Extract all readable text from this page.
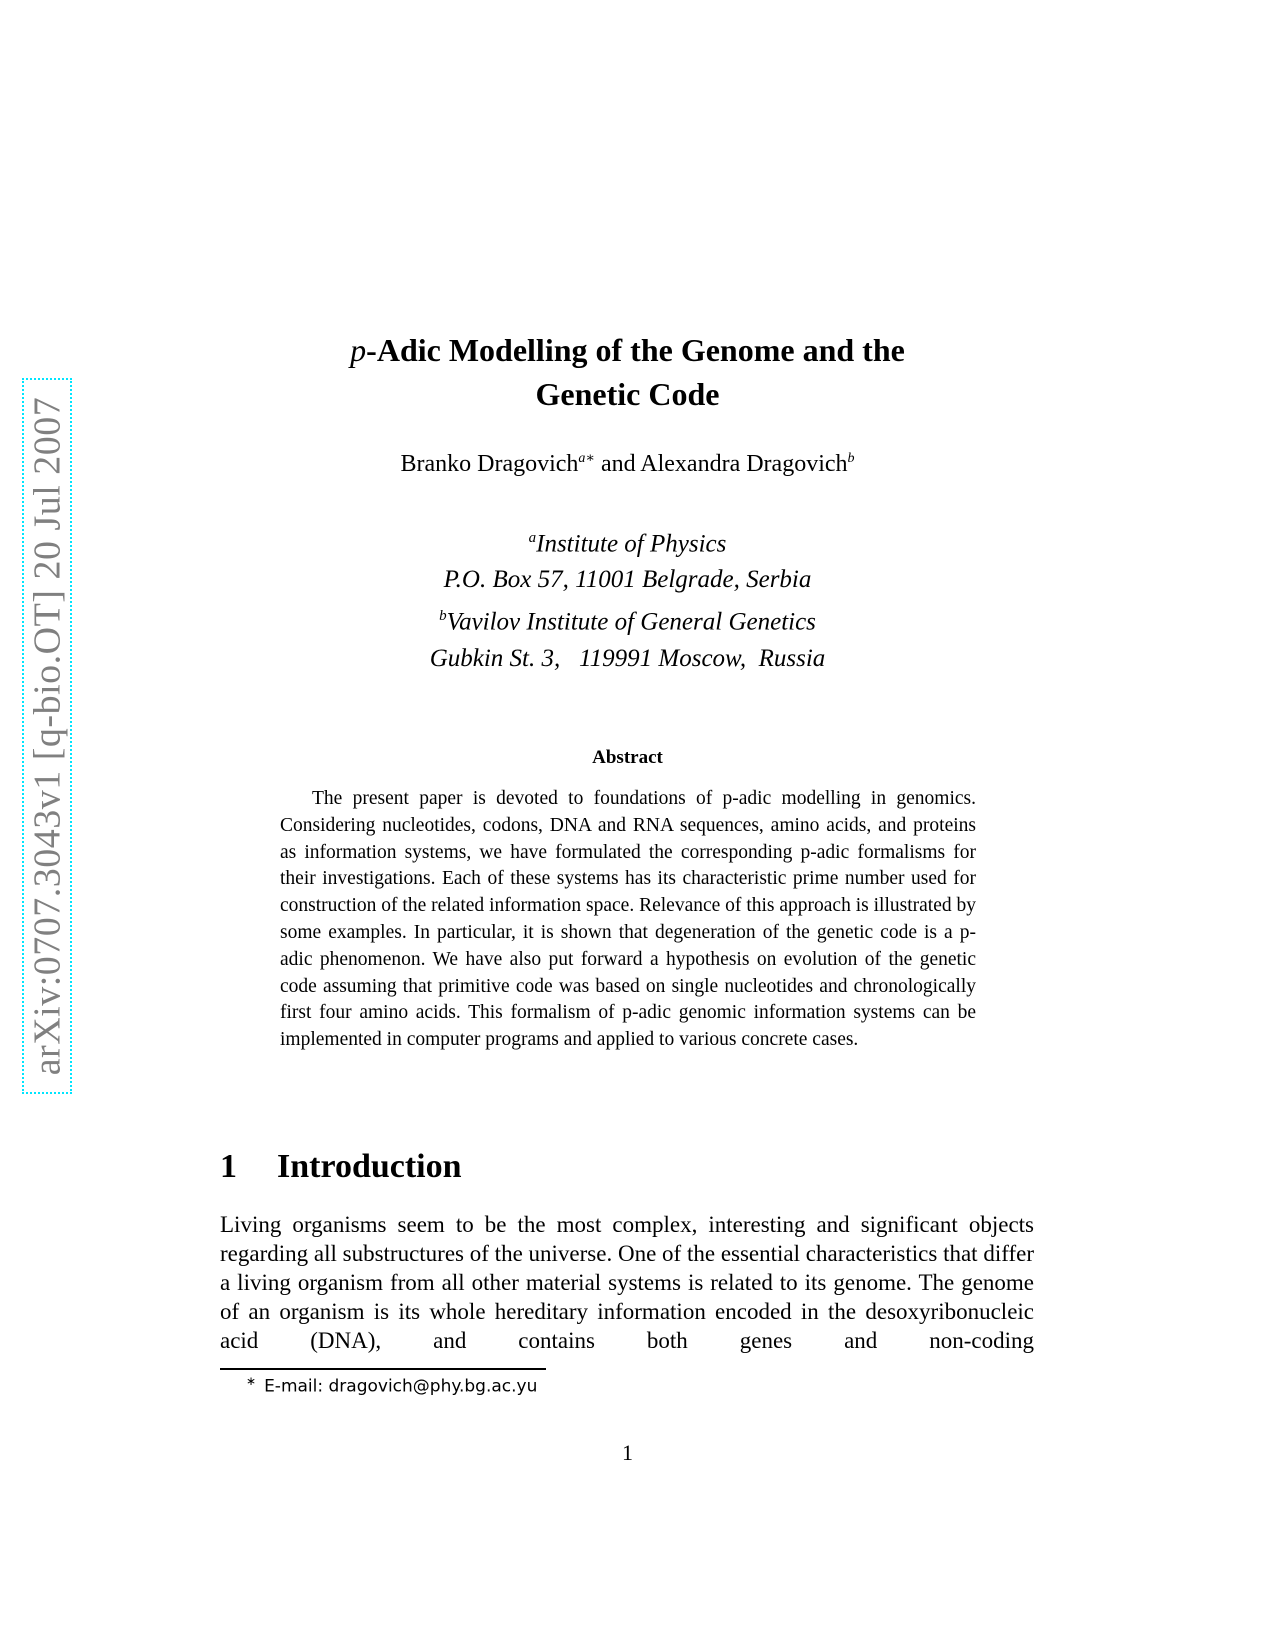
arXiv:0707.3043v1 [q-bio.OT] 20 Jul 2007
p-Adic Modelling of the Genome and the
Genetic Code

Branko Dragovich$^{a∗}$ and Alexandra Dragovich$^b$

$^a$Institute of Physics
P.O. Box 57, 11001 Belgrade, Serbia
$^b$Vavilov Institute of General Genetics
Gubkin St. 3,   119991 Moscow,  Russia
Abstract

The present paper is devoted to foundations of p-adic modelling in genomics. Considering nucleotides, codons, DNA and RNA sequences, amino acids, and proteins as information systems, we have formulated the corresponding p-adic formalisms for their investigations. Each of these systems has its characteristic prime number used for construction of the related information space. Relevance of this approach is illustrated by some examples. In particular, it is shown that degeneration of the genetic code is a p-adic phenomenon. We have also put forward a hypothesis on evolution of the genetic code assuming that primitive code was based on single nucleotides and chronologically first four amino acids. This formalism of p-adic genomic information systems can be implemented in computer programs and applied to various concrete cases.

1 Introduction

Living organisms seem to be the most complex, interesting and significant objects regarding all substructures of the universe. One of the essential characteristics that differ a living organism from all other material systems is related to its genome. The genome of an organism is its whole hereditary information encoded in the desoxyribonucleic acid (DNA), and contains both genes and non-coding

∗ E-mail: dragovich@phy.bg.ac.yu
1
